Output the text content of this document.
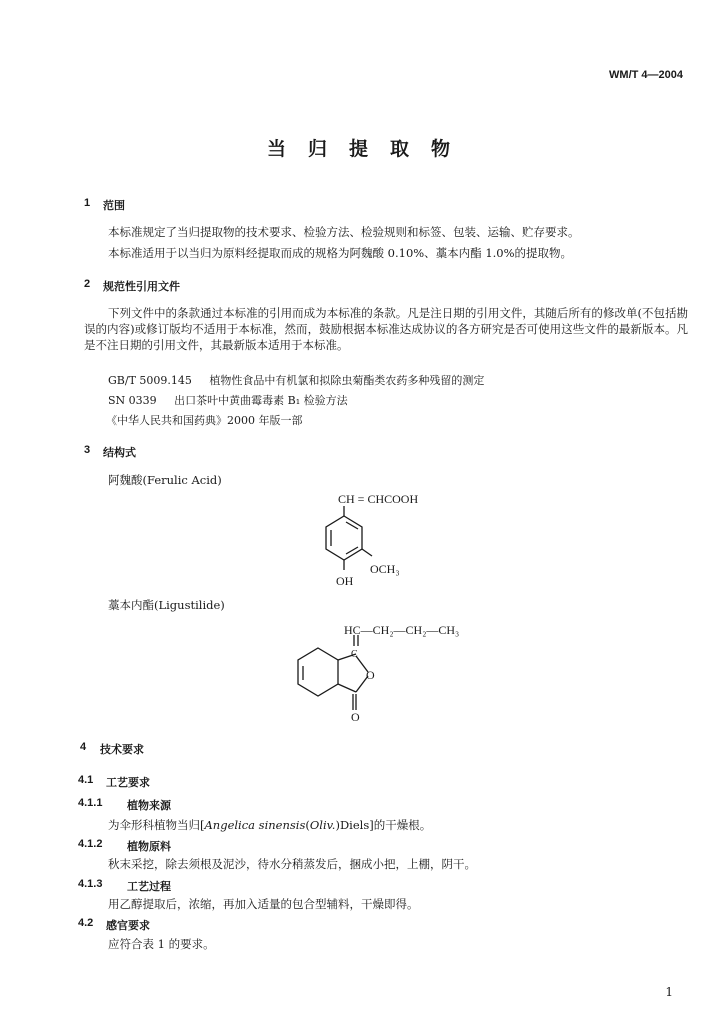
WM/T 4—2004
当归提取物
1 范围
本标准规定了当归提取物的技术要求、检验方法、检验规则和标签、包装、运输、贮存要求。
本标准适用于以当归为原料经提取而成的规格为阿魏酸 0.10%、藁本内酯 1.0%的提取物。
2 规范性引用文件
下列文件中的条款通过本标准的引用而成为本标准的条款。凡是注日期的引用文件，其随后所有的修改单(不包括勘误的内容)或修订版均不适用于本标准，然而，鼓励根据本标准达成协议的各方研究是否可使用这些文件的最新版本。凡是不注日期的引用文件，其最新版本适用于本标准。
GB/T 5009.145 植物性食品中有机氯和拟除虫菊酯类农药多种残留的测定
SN 0339 出口茶叶中黄曲霉毒素 B₁ 检验方法
《中华人民共和国药典》2000 年版一部
3 结构式
阿魏酸(Ferulic Acid)
CH = CHCOOH
OCH₃
OH
藁本内酯(Ligustilide)
HC—CH₂—CH₂—CH₃
C
O
O
4 技术要求
4.1 工艺要求
4.1.1 植物来源
为伞形科植物当归[Angelica sinensis(Oliv.)Diels]的干燥根。
4.1.2 植物原料
秋末采挖，除去须根及泥沙，待水分稍蒸发后，捆成小把，上棚，阴干。
4.1.3 工艺过程
用乙醇提取后，浓缩，再加入适量的包合型辅料，干燥即得。
4.2 感官要求
应符合表 1 的要求。
1
